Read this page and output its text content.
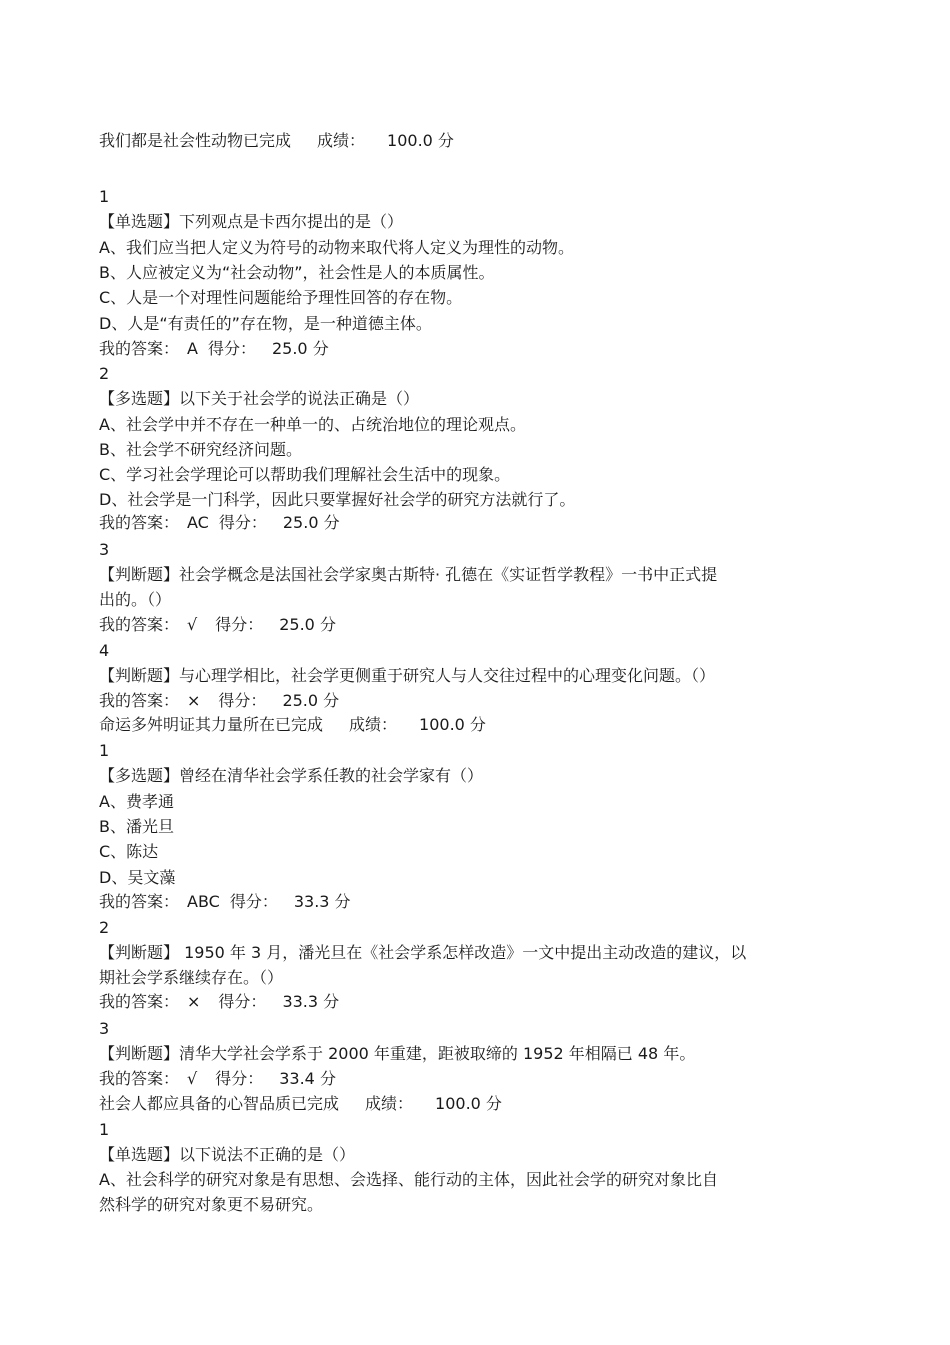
我们都是社会性动物已完成 成绩： 100.0 分
1
【单选题】下列观点是卡西尔提出的是（）
A、我们应当把人定义为符号的动物来取代将人定义为理性的动物。
B、人应被定义为“社会动物”，社会性是人的本质属性。
C、人是一个对理性问题能给予理性回答的存在物。
D、人是“有责任的”存在物，是一种道德主体。
我的答案： A 得分： 25.0 分
2
【多选题】以下关于社会学的说法正确是（）
A、社会学中并不存在一种单一的、占统治地位的理论观点。
B、社会学不研究经济问题。
C、学习社会学理论可以帮助我们理解社会生活中的现象。
D、社会学是一门科学，因此只要掌握好社会学的研究方法就行了。
我的答案： AC 得分： 25.0 分
3
【判断题】社会学概念是法国社会学家奥古斯特· 孔德在《实证哲学教程》一书中正式提
出的。（）
我的答案： √ 得分： 25.0 分
4
【判断题】与心理学相比，社会学更侧重于研究人与人交往过程中的心理变化问题。（）
我的答案： × 得分： 25.0 分
命运多舛明证其力量所在已完成 成绩： 100.0 分
1
【多选题】曾经在清华社会学系任教的社会学家有（）
A、费孝通
B、潘光旦
C、陈达
D、吴文藻
我的答案： ABC 得分： 33.3 分
2
【判断题】 1950 年 3 月，潘光旦在《社会学系怎样改造》一文中提出主动改造的建议，以
期社会学系继续存在。（）
我的答案： × 得分： 33.3 分
3
【判断题】清华大学社会学系于 2000 年重建，距被取缔的 1952 年相隔已 48 年。
我的答案： √ 得分： 33.4 分
社会人都应具备的心智品质已完成 成绩： 100.0 分
1
【单选题】以下说法不正确的是（）
A、社会科学的研究对象是有思想、会选择、能行动的主体，因此社会学的研究对象比自
然科学的研究对象更不易研究。
